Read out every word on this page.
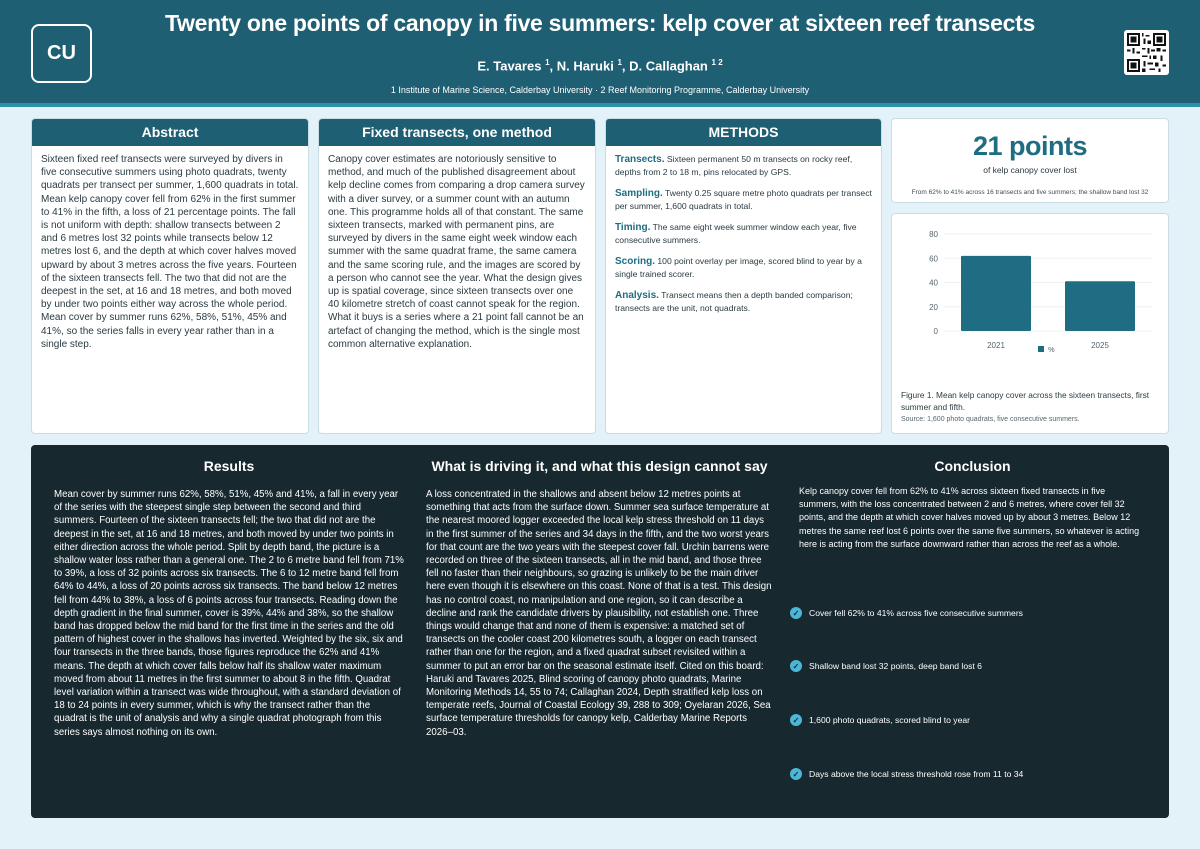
CU
Twenty one points of canopy in five summers: kelp cover at sixteen reef transects
E. Tavares $^1$, N. Haruki $^1$, D. Callaghan $^{1 2}$
1 Institute of Marine Science, Calderbay University · 2 Reef Monitoring Programme, Calderbay University
Abstract
Sixteen fixed reef transects were surveyed by divers in five consecutive summers using photo quadrats, twenty quadrats per transect per summer, 1,600 quadrats in total. Mean kelp canopy cover fell from 62% in the first summer to 41% in the fifth, a loss of 21 percentage points. The fall is not uniform with depth: shallow transects between 2 and 6 metres lost 32 points while transects below 12 metres lost 6, and the depth at which cover halves moved upward by about 3 metres across the five years. Fourteen of the sixteen transects fell. The two that did not are the deepest in the set, at 16 and 18 metres, and both moved by under two points either way across the whole period. Mean cover by summer runs 62%, 58%, 51%, 45% and 41%, so the series falls in every year rather than in a single step.
Fixed transects, one method
Canopy cover estimates are notoriously sensitive to method, and much of the published disagreement about kelp decline comes from comparing a drop camera survey with a diver survey, or a summer count with an autumn one. This programme holds all of that constant. The same sixteen transects, marked with permanent pins, are surveyed by divers in the same eight week window each summer with the same quadrat frame, the same camera and the same scoring rule, and the images are scored by a person who cannot see the year. What the design gives up is spatial coverage, since sixteen transects over one 40 kilometre stretch of coast cannot speak for the region. What it buys is a series where a 21 point fall cannot be an artefact of changing the method, which is the single most common alternative explanation.
METHODS
Transects. Sixteen permanent 50 m transects on rocky reef, depths from 2 to 18 m, pins relocated by GPS.
Sampling. Twenty 0.25 square metre photo quadrats per transect per summer, 1,600 quadrats in total.
Timing. The same eight week summer window each year, five consecutive summers.
Scoring. 100 point overlay per image, scored blind to year by a single trained scorer.
Analysis. Transect means then a depth banded comparison; transects are the unit, not quadrats.
21 points
of kelp canopy cover lost
From 62% to 41% across 16 transects and five summers; the shallow band lost 32
0
20
40
60
80
2021	2025
%
Figure 1. Mean kelp canopy cover across the sixteen transects, first summer and fifth.
Source: 1,600 photo quadrats, five consecutive summers.
Results
Mean cover by summer runs 62%, 58%, 51%, 45% and 41%, a fall in every year of the series with the steepest single step between the second and third summers. Fourteen of the sixteen transects fell; the two that did not are the deepest in the set, at 16 and 18 metres, and both moved by under two points in either direction across the whole period. Split by depth band, the picture is a shallow water loss rather than a general one. The 2 to 6 metre band fell from 71% to 39%, a loss of 32 points across six transects. The 6 to 12 metre band fell from 64% to 44%, a loss of 20 points across six transects. The band below 12 metres fell from 44% to 38%, a loss of 6 points across four transects. Reading down the depth gradient in the final summer, cover is 39%, 44% and 38%, so the shallow band has dropped below the mid band for the first time in the series and the old pattern of highest cover in the shallows has inverted. Weighted by the six, six and four transects in the three bands, those figures reproduce the 62% and 41% means. The depth at which cover falls below half its shallow water maximum moved from about 11 metres in the first summer to about 8 in the fifth. Quadrat level variation within a transect was wide throughout, with a standard deviation of 18 to 24 points in every summer, which is why the transect rather than the quadrat is the unit of analysis and why a single quadrat photograph from this series says almost nothing on its own.
What is driving it, and what this design cannot say
A loss concentrated in the shallows and absent below 12 metres points at something that acts from the surface down. Summer sea surface temperature at the nearest moored logger exceeded the local kelp stress threshold on 11 days in the first summer of the series and 34 days in the fifth, and the two worst years for that count are the two years with the steepest cover fall. Urchin barrens were recorded on three of the sixteen transects, all in the mid band, and those three fell no faster than their neighbours, so grazing is unlikely to be the main driver here even though it is elsewhere on this coast. None of that is a test. This design has no control coast, no manipulation and one region, so it can describe a decline and rank the candidate drivers by plausibility, not establish one. Three things would change that and none of them is expensive: a matched set of transects on the cooler coast 200 kilometres south, a logger on each transect rather than one for the region, and a fixed quadrat subset revisited within a summer to put an error bar on the seasonal estimate itself. Cited on this board: Haruki and Tavares 2025, Blind scoring of canopy photo quadrats, Marine Monitoring Methods 14, 55 to 74; Callaghan 2024, Depth stratified kelp loss on temperate reefs, Journal of Coastal Ecology 39, 288 to 309; Oyelaran 2026, Sea surface temperature thresholds for canopy kelp, Calderbay Marine Reports 2026–03.
Conclusion
Kelp canopy cover fell from 62% to 41% across sixteen fixed transects in five summers, with the loss concentrated between 2 and 6 metres, where cover fell 32 points, and the depth at which cover halves moved up by about 3 metres. Below 12 metres the same reef lost 6 points over the same five summers, so whatever is acting here is acting from the surface downward rather than across the reef as a whole.
✓	Cover fell 62% to 41% across five consecutive summers
✓	Shallow band lost 32 points, deep band lost 6
✓	1,600 photo quadrats, scored blind to year
✓	Days above the local stress threshold rose from 11 to 34
